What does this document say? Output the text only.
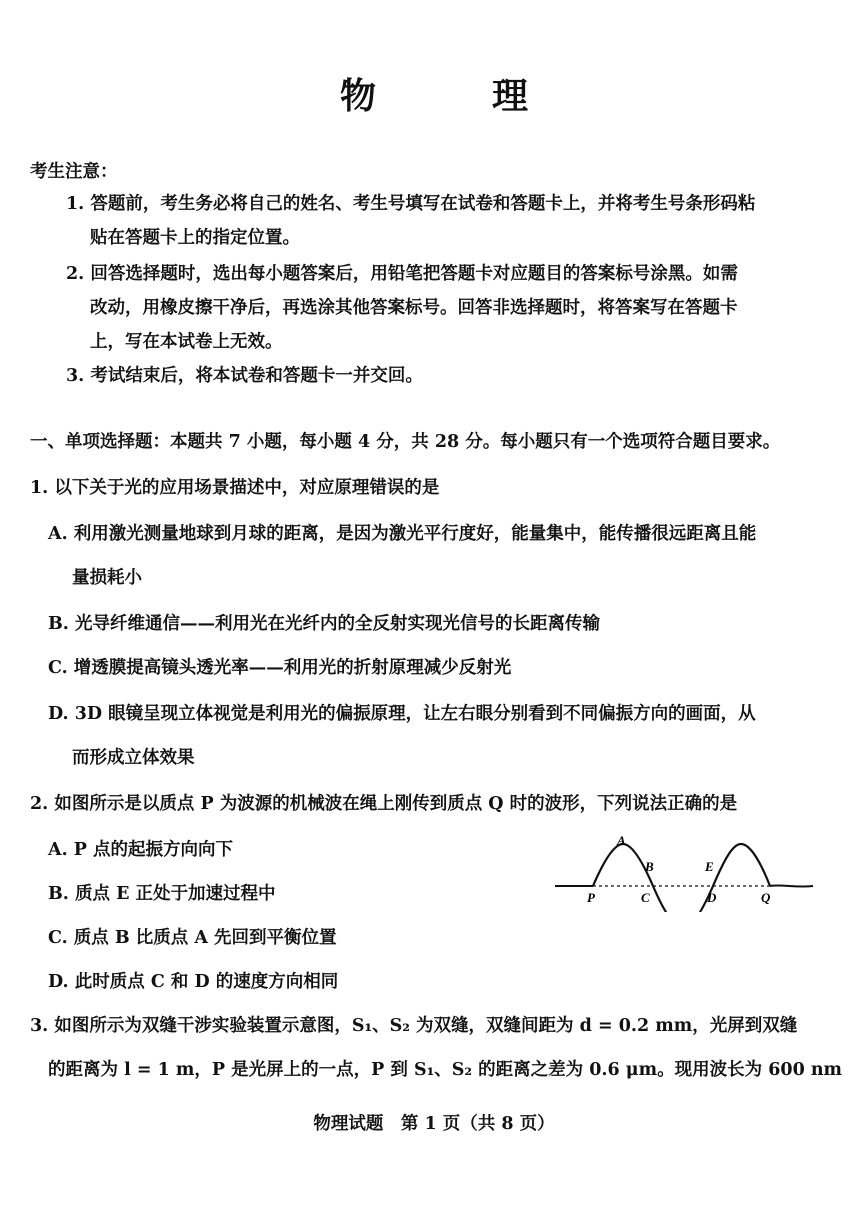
物　理
考生注意：
1. 答题前，考生务必将自己的姓名、考生号填写在试卷和答题卡上，并将考生号条形码粘
贴在答题卡上的指定位置。
2. 回答选择题时，选出每小题答案后，用铅笔把答题卡对应题目的答案标号涂黑。如需
改动，用橡皮擦干净后，再选涂其他答案标号。回答非选择题时，将答案写在答题卡
上，写在本试卷上无效。
3. 考试结束后，将本试卷和答题卡一并交回。
一、单项选择题：本题共 7 小题，每小题 4 分，共 28 分。每小题只有一个选项符合题目要求。
1. 以下关于光的应用场景描述中，对应原理错误的是
A. 利用激光测量地球到月球的距离，是因为激光平行度好，能量集中，能传播很远距离且能
量损耗小
B. 光导纤维通信——利用光在光纤内的全反射实现光信号的长距离传输
C. 增透膜提高镜头透光率——利用光的折射原理减少反射光
D. 3D 眼镜呈现立体视觉是利用光的偏振原理，让左右眼分别看到不同偏振方向的画面，从
而形成立体效果
2. 如图所示是以质点 P 为波源的机械波在绳上刚传到质点 Q 时的波形，下列说法正确的是
A. P 点的起振方向向下
B. 质点 E 正处于加速过程中
C. 质点 B 比质点 A 先回到平衡位置
D. 此时质点 C 和 D 的速度方向相同
A
B	E
P	C	D	Q
3. 如图所示为双缝干涉实验装置示意图，S₁、S₂ 为双缝，双缝间距为 d = 0.2 mm，光屏到双缝
的距离为 l = 1 m，P 是光屏上的一点，P 到 S₁、S₂ 的距离之差为 0.6 μm。现用波长为 600 nm
物理试题　第 1 页（共 8 页）
